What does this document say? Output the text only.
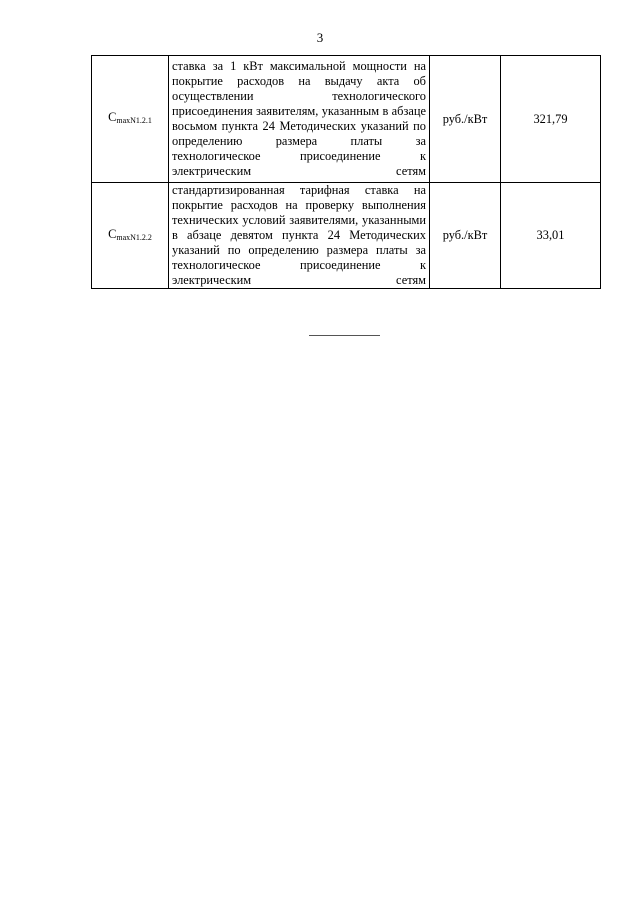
3
$C_{maxN1.2.1}$	ставка за 1 кВт максимальной мощности на покрытие расходов на выдачу акта об осуществлении технологического присоединения заявителям, указанным в абзаце восьмом пункта 24 Методических указаний по определению размера платы за технологическое присоединение к электрическим сетям	руб./кВт	321,79
$C_{maxN1.2.2}$	стандартизированная тарифная ставка на покрытие расходов на проверку выполнения технических условий заявителями, указанными в абзаце девятом пункта 24 Методических указаний по определению размера платы за технологическое присоединение к электрическим сетям	руб./кВт	33,01
